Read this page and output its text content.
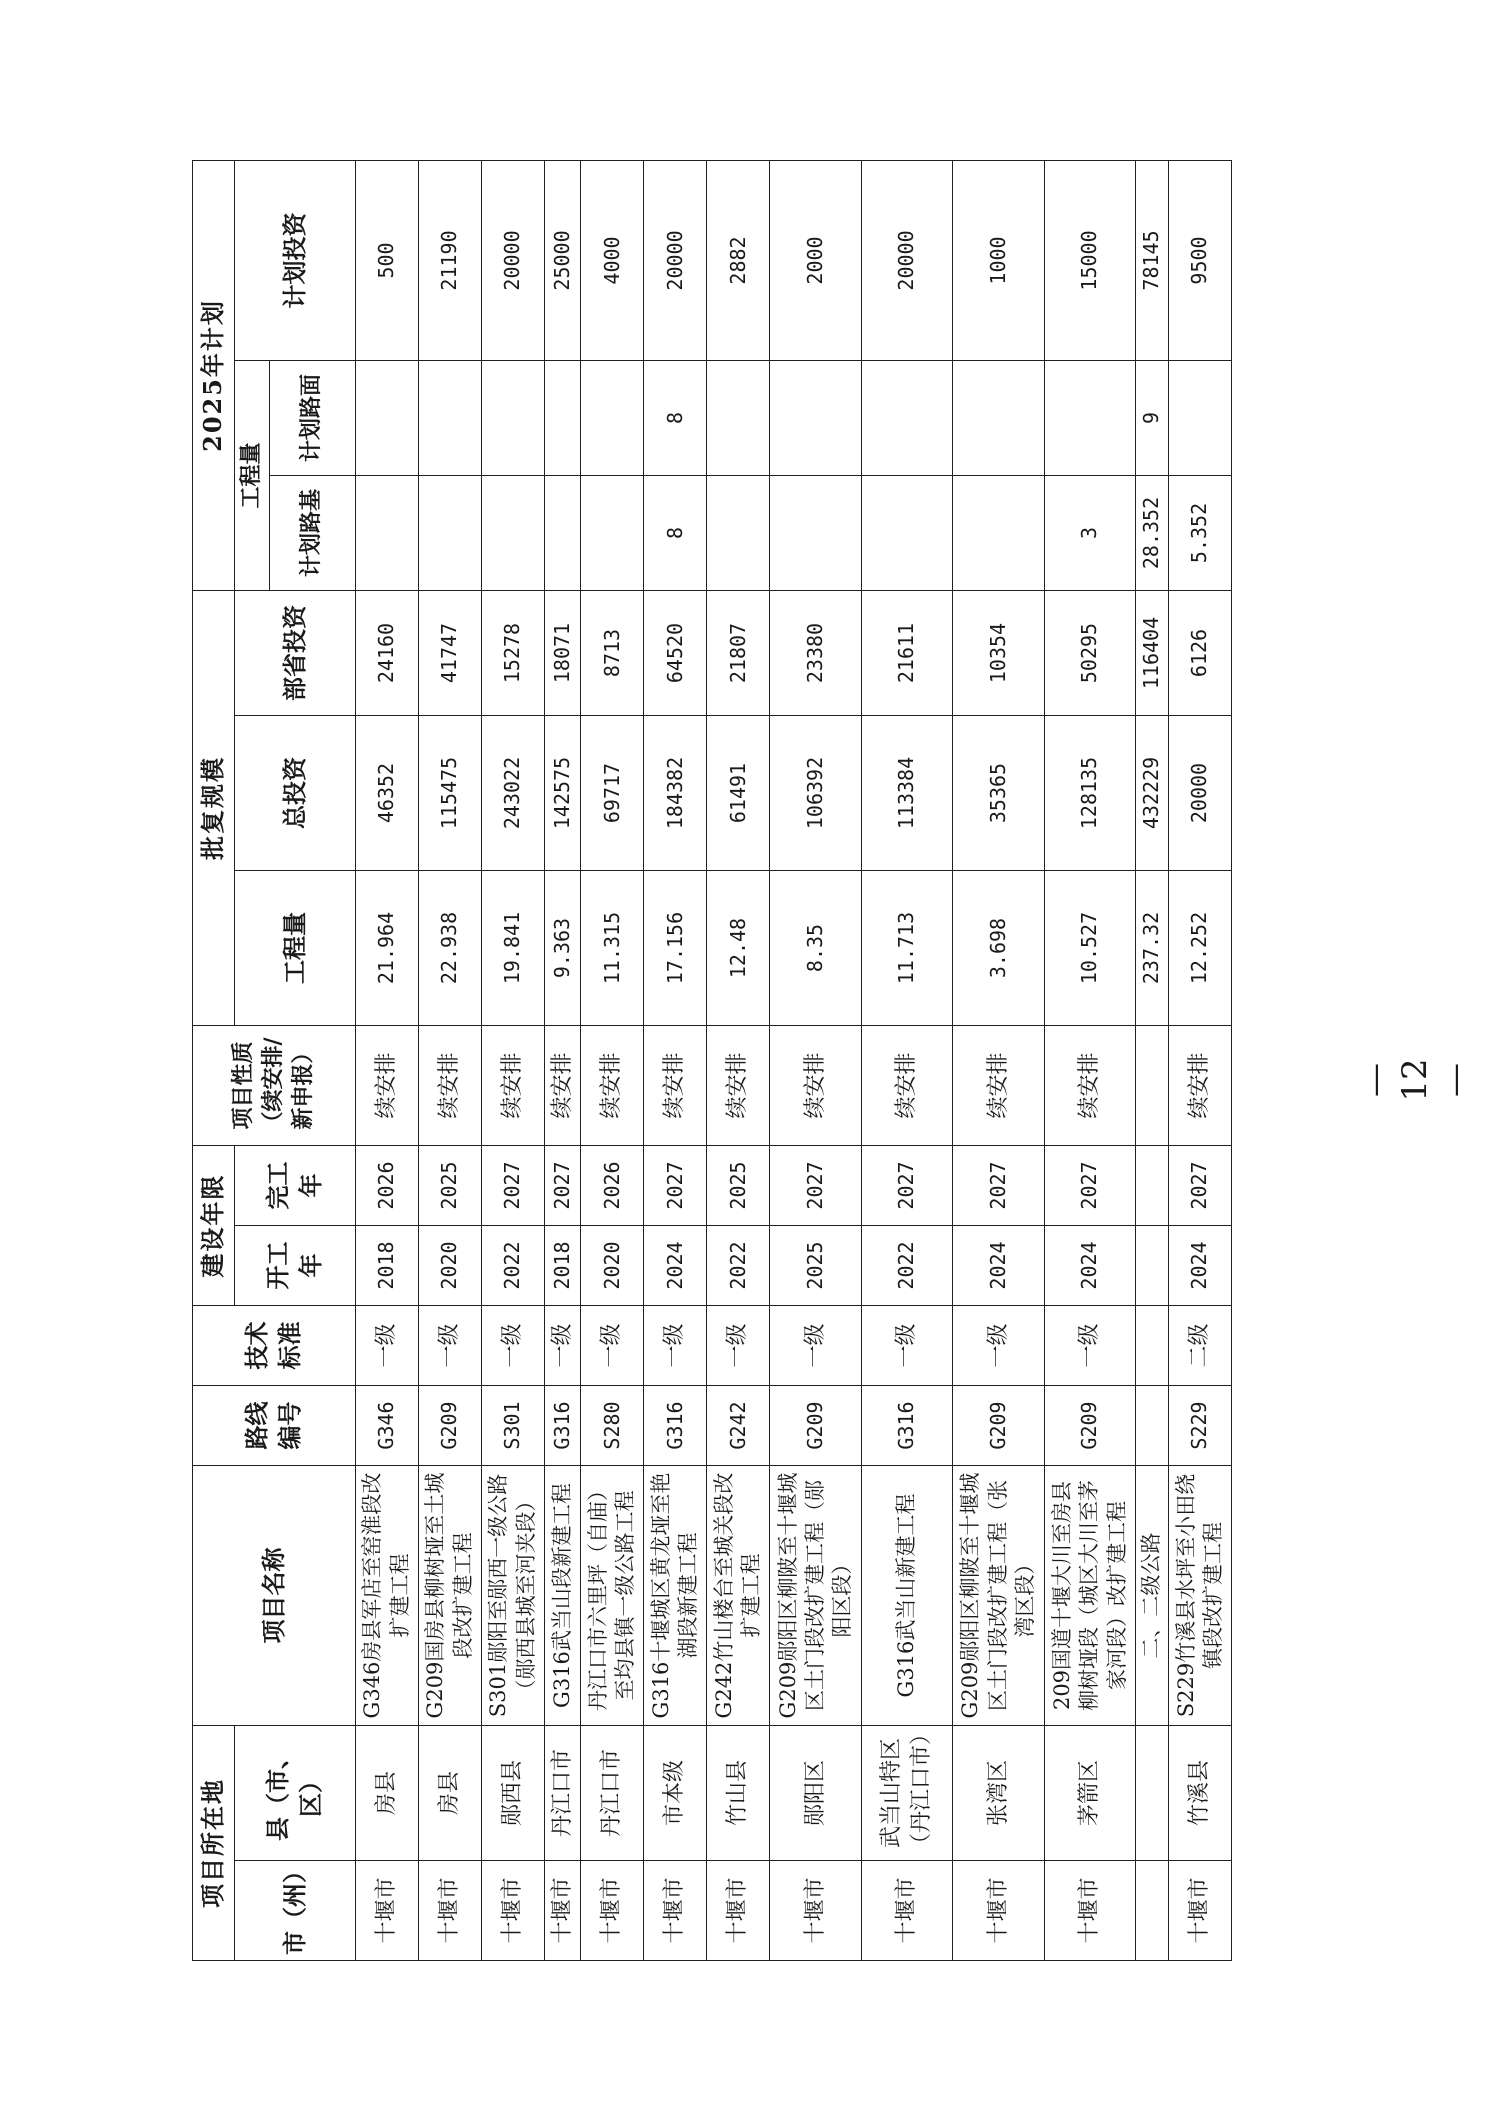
项目所在地		项目名称	路线编号	技术标准	建设年限		项目性质（续安排/新申报）	批复规模			2025年计划		
市（州）	县（市、区）				开工年	完工年		工程量	总投资	部省投资	工程量		计划投资
											计划路基	计划路面	
十堰市	房县	G346房县军店至窑淮段改扩建工程	G346	一级	2018	2026	续安排	21.964	46352	24160			500
十堰市	房县	G209国房县柳树垭至土城段改扩建工程	G209	一级	2020	2025	续安排	22.938	115475	41747			21190
十堰市	郧西县	S301郧阳至郧西一级公路（郧西县城至河夹段）	S301	一级	2022	2027	续安排	19.841	243022	15278			20000
十堰市	丹江口市	G316武当山段新建工程	G316	一级	2018	2027	续安排	9.363	142575	18071			25000
十堰市	丹江口市	丹江口市六里坪（自庙）至均县镇一级公路工程	S280	一级	2020	2026	续安排	11.315	69717	8713			4000
十堰市	市本级	G316十堰城区黄龙垭至艳湖段新建工程	G316	一级	2024	2027	续安排	17.156	184382	64520	8	8	20000
十堰市	竹山县	G242竹山楼台至城关段改扩建工程	G242	一级	2022	2025	续安排	12.48	61491	21807			2882
十堰市	郧阳区	G209郧阳区柳陂至十堰城区土门段改扩建工程（郧阳区段）	G209	一级	2025	2027	续安排	8.35	106392	23380			2000
十堰市	武当山特区（丹江口市）	G316武当山新建工程	G316	一级	2022	2027	续安排	11.713	113384	21611			20000
十堰市	张湾区	G209郧阳区柳陂至十堰城区土门段改扩建工程（张湾区段）	G209	一级	2024	2027	续安排	3.698	35365	10354			1000
十堰市	茅箭区	209国道十堰大川至房县柳树垭段（城区大川至茅家河段）改扩建工程	G209	一级	2024	2027	续安排	10.527	128135	50295	3		15000
		二、二级公路						237.32	432229	116404	28.352	9	78145
十堰市	竹溪县	S229竹溪县水坪至小田绕镇段改扩建工程	S229	二级	2024	2027	续安排	12.252	20000	6126	5.352		9500
— 12 —
